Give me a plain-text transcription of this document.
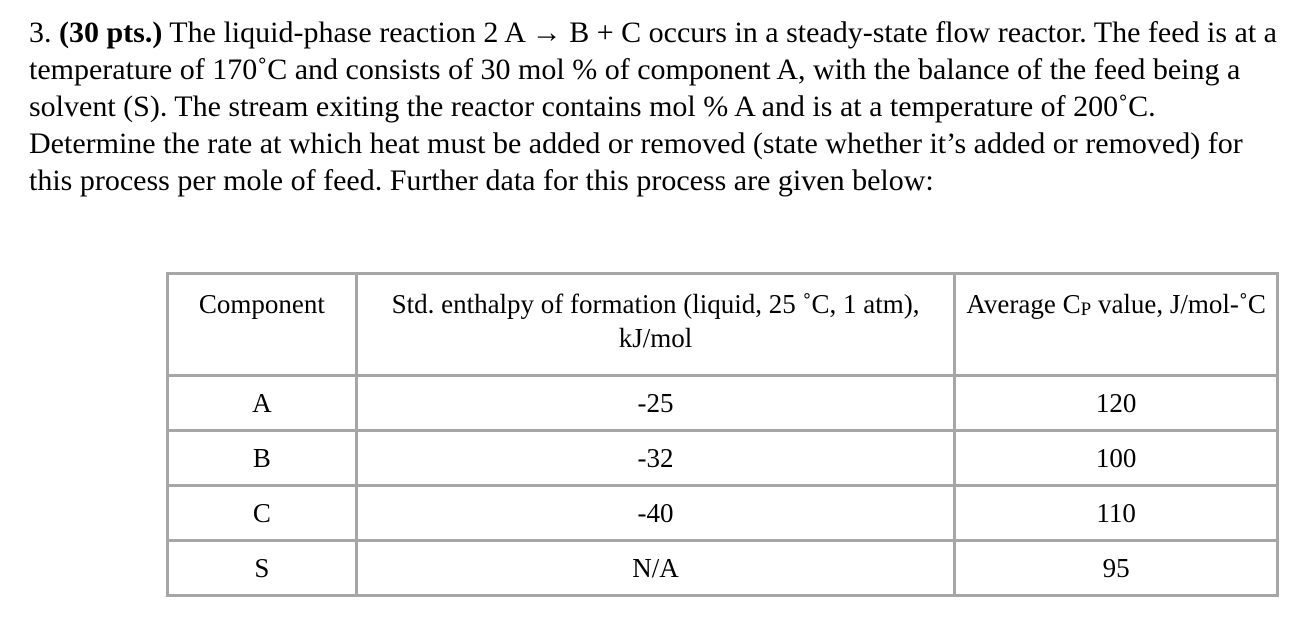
3. (30 pts.) The liquid-phase reaction 2 A → B + C occurs in a steady-state flow reactor. The feed is at a temperature of 170˚C and consists of 30 mol % of component A, with the balance of the feed being a solvent (S). The stream exiting the reactor contains mol % A and is at a temperature of 200˚C. Determine the rate at which heat must be added or removed (state whether it’s added or removed) for this process per mole of feed. Further data for this process are given below:

Component	Std. enthalpy of formation (liquid, 25 ˚C, 1 atm), kJ/mol	Average CP value, J/mol-˚C
A	-25	120
B	-32	100
C	-40	110
S	N/A	95
